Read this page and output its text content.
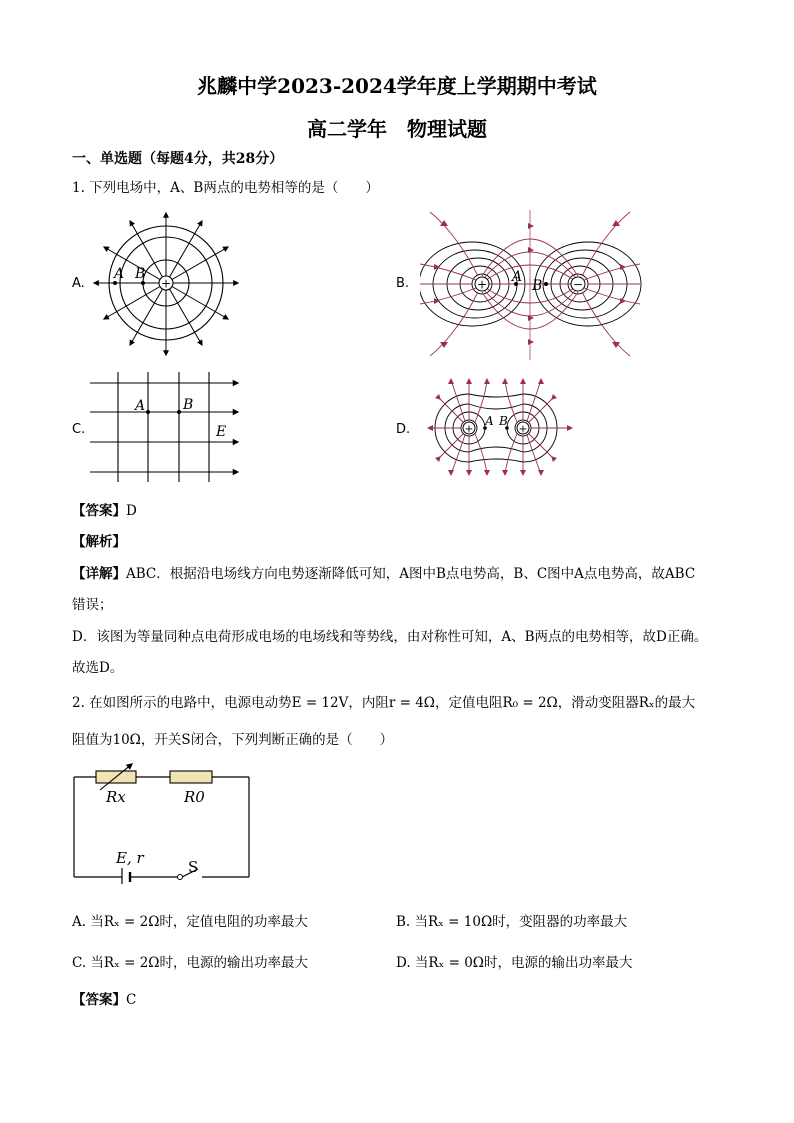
兆麟中学2023-2024学年度上学期期中考试
高二学年　物理试题
一、单选题（每题4分，共28分）
1. 下列电场中，A、B两点的电势相等的是（　　）
A.	B.
C.	D.
+
A B
+	−
A
B
A	B
E	+	+
A B
【答案】D
【解析】
【详解】ABC．根据沿电场线方向电势逐渐降低可知，A图中B点电势高，B、C图中A点电势高，故ABC
错误；
D．该图为等量同种点电荷形成电场的电场线和等势线，由对称性可知，A、B两点的电势相等，故D正确。
故选D。
2. 在如图所示的电路中，电源电动势E = 12V，内阻r = 4Ω，定值电阻R₀ = 2Ω，滑动变阻器Rₓ的最大
阻值为10Ω，开关S闭合，下列判断正确的是（　　）
Rx	R0
E, r	S
A. 当Rₓ = 2Ω时，定值电阻的功率最大	B. 当Rₓ = 10Ω时，变阻器的功率最大
C. 当Rₓ = 2Ω时，电源的输出功率最大	D. 当Rₓ = 0Ω时，电源的输出功率最大
【答案】C
